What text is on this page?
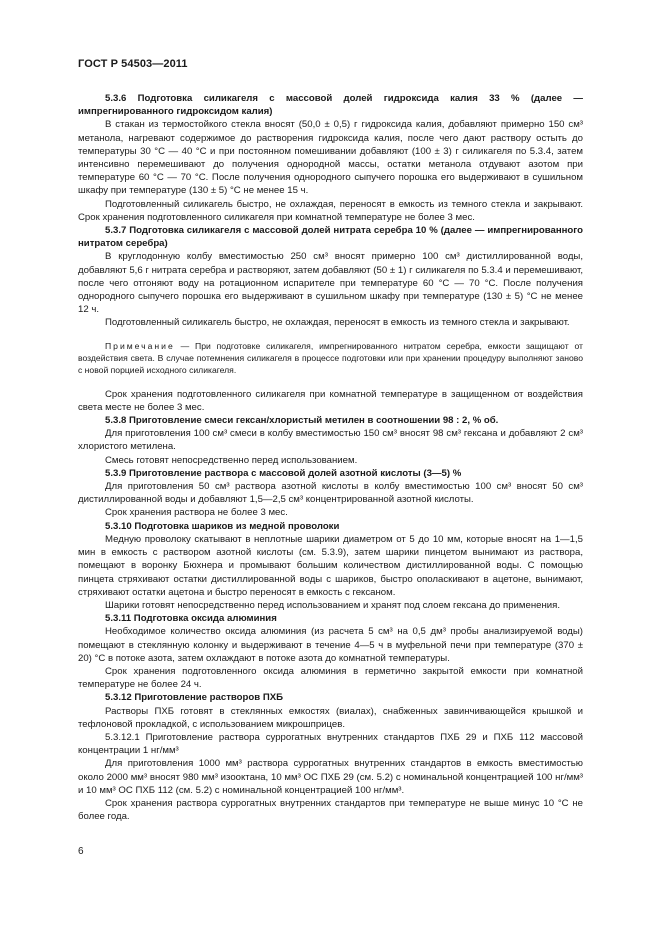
ГОСТ Р 54503—2011

5.3.6 Подготовка силикагеля с массовой долей гидроксида калия 33 % (далее — импрегнированного гидроксидом калия)

В стакан из термостойкого стекла вносят (50,0 ± 0,5) г гидроксида калия, добавляют примерно 150 см³ метанола, нагревают содержимое до растворения гидроксида калия, после чего дают раствору остыть до температуры 30 °С — 40 °С и при постоянном помешивании добавляют (100 ± 3) г силикагеля по 5.3.4, затем интенсивно перемешивают до получения однородной массы, остатки метанола отдувают азотом при температуре 60 °С — 70 °С. После получения однородного сыпучего порошка его выдерживают в сушильном шкафу при температуре (130 ± 5) °С не менее 15 ч.

Подготовленный силикагель быстро, не охлаждая, переносят в емкость из темного стекла и закрывают. Срок хранения подготовленного силикагеля при комнатной температуре не более 3 мес.

5.3.7 Подготовка силикагеля с массовой долей нитрата серебра 10 % (далее — импрегнированного нитратом серебра)

В круглодонную колбу вместимостью 250 см³ вносят примерно 100 см³ дистиллированной воды, добавляют 5,6 г нитрата серебра и растворяют, затем добавляют (50 ± 1) г силикагеля по 5.3.4 и перемешивают, после чего отгоняют воду на ротационном испарителе при температуре 60 °С — 70 °С. После получения однородного сыпучего порошка его выдерживают в сушильном шкафу при температуре (130 ± 5) °С не менее 12 ч.

Подготовленный силикагель быстро, не охлаждая, переносят в емкость из темного стекла и закрывают.

Примечание — При подготовке силикагеля, импрегнированного нитратом серебра, емкости защищают от воздействия света. В случае потемнения силикагеля в процессе подготовки или при хранении процедуру выполняют заново с новой порцией исходного силикагеля.

Срок хранения подготовленного силикагеля при комнатной температуре в защищенном от воздействия света месте не более 3 мес.

5.3.8 Приготовление смеси гексан/хлористый метилен в соотношении 98 : 2, % об.

Для приготовления 100 см³ смеси в колбу вместимостью 150 см³ вносят 98 см³ гексана и добавляют 2 см³ хлористого метилена.

Смесь готовят непосредственно перед использованием.

5.3.9 Приготовление раствора с массовой долей азотной кислоты (3—5) %

Для приготовления 50 см³ раствора азотной кислоты в колбу вместимостью 100 см³ вносят 50 см³ дистиллированной воды и добавляют 1,5—2,5 см³ концентрированной азотной кислоты.

Срок хранения раствора не более 3 мес.

5.3.10 Подготовка шариков из медной проволоки

Медную проволоку скатывают в неплотные шарики диаметром от 5 до 10 мм, которые вносят на 1—1,5 мин в емкость с раствором азотной кислоты (см. 5.3.9), затем шарики пинцетом вынимают из раствора, помещают в воронку Бюхнера и промывают большим количеством дистиллированной воды. С помощью пинцета стряхивают остатки дистиллированной воды с шариков, быстро ополаскивают в ацетоне, вынимают, стряхивают остатки ацетона и быстро переносят в емкость с гексаном.

Шарики готовят непосредственно перед использованием и хранят под слоем гексана до применения.

5.3.11 Подготовка оксида алюминия

Необходимое количество оксида алюминия (из расчета 5 см³ на 0,5 дм³ пробы анализируемой воды) помещают в стеклянную колонку и выдерживают в течение 4—5 ч в муфельной печи при температуре (370 ± 20) °С в потоке азота, затем охлаждают в потоке азота до комнатной температуры.

Срок хранения подготовленного оксида алюминия в герметично закрытой емкости при комнатной температуре не более 24 ч.

5.3.12 Приготовление растворов ПХБ

Растворы ПХБ готовят в стеклянных емкостях (виалах), снабженных завинчивающейся крышкой и тефлоновой прокладкой, с использованием микрошприцев.

5.3.12.1 Приготовление раствора суррогатных внутренних стандартов ПХБ 29 и ПХБ 112 массовой концентрации 1 нг/мм³

Для приготовления 1000 мм³ раствора суррогатных внутренних стандартов в емкость вместимостью около 2000 мм³ вносят 980 мм³ изооктана, 10 мм³ ОС ПХБ 29 (см. 5.2) с номинальной концентрацией 100 нг/мм³ и 10 мм³ ОС ПХБ 112 (см. 5.2) с номинальной концентрацией 100 нг/мм³.

Срок хранения раствора суррогатных внутренних стандартов при температуре не выше минус 10 °С не более года.

6
